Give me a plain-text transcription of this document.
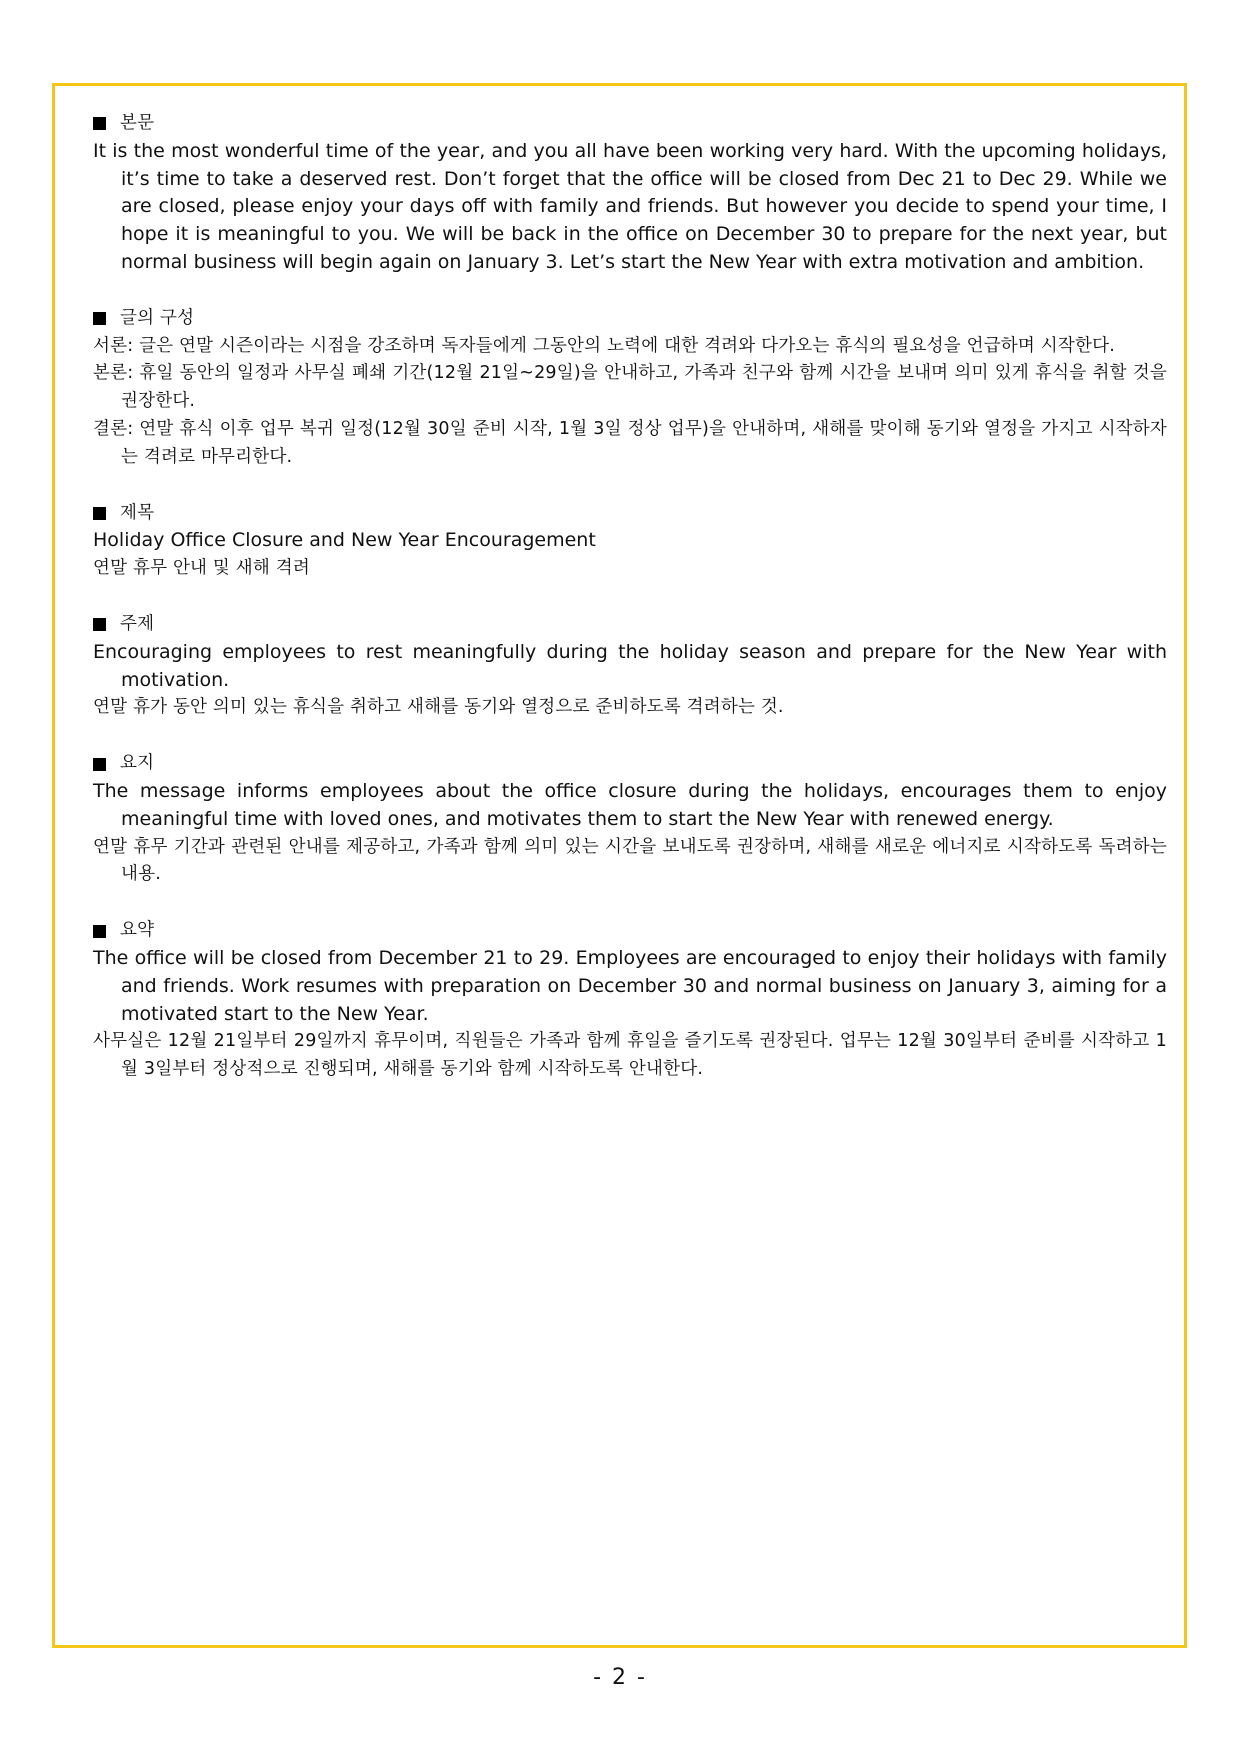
본문

It is the most wonderful time of the year, and you all have been working very hard. With the upcoming holidays, it’s time to take a deserved rest. Don’t forget that the office will be closed from Dec 21 to Dec 29. While we are closed, please enjoy your days off with family and friends. But however you decide to spend your time, I hope it is meaningful to you. We will be back in the office on December 30 to prepare for the next year, but normal business will begin again on January 3. Let’s start the New Year with extra motivation and ambition.

글의 구성

서론: 글은 연말 시즌이라는 시점을 강조하며 독자들에게 그동안의 노력에 대한 격려와 다가오는 휴식의 필요성을 언급하며 시작한다.

본론: 휴일 동안의 일정과 사무실 폐쇄 기간(12월 21일~29일)을 안내하고, 가족과 친구와 함께 시간을 보내며 의미 있게 휴식을 취할 것을 권장한다.

결론: 연말 휴식 이후 업무 복귀 일정(12월 30일 준비 시작, 1월 3일 정상 업무)을 안내하며, 새해를 맞이해 동기와 열정을 가지고 시작하자는 격려로 마무리한다.

제목

Holiday Office Closure and New Year Encouragement

연말 휴무 안내 및 새해 격려

주제

Encouraging employees to rest meaningfully during the holiday season and prepare for the New Year with motivation.

연말 휴가 동안 의미 있는 휴식을 취하고 새해를 동기와 열정으로 준비하도록 격려하는 것.

요지

The message informs employees about the office closure during the holidays, encourages them to enjoy meaningful time with loved ones, and motivates them to start the New Year with renewed energy.

연말 휴무 기간과 관련된 안내를 제공하고, 가족과 함께 의미 있는 시간을 보내도록 권장하며, 새해를 새로운 에너지로 시작하도록 독려하는 내용.

요약

The office will be closed from December 21 to 29. Employees are encouraged to enjoy their holidays with family and friends. Work resumes with preparation on December 30 and normal business on January 3, aiming for a motivated start to the New Year.

사무실은 12월 21일부터 29일까지 휴무이며, 직원들은 가족과 함께 휴일을 즐기도록 권장된다. 업무는 12월 30일부터 준비를 시작하고 1월 3일부터 정상적으로 진행되며, 새해를 동기와 함께 시작하도록 안내한다.

- 2 -
